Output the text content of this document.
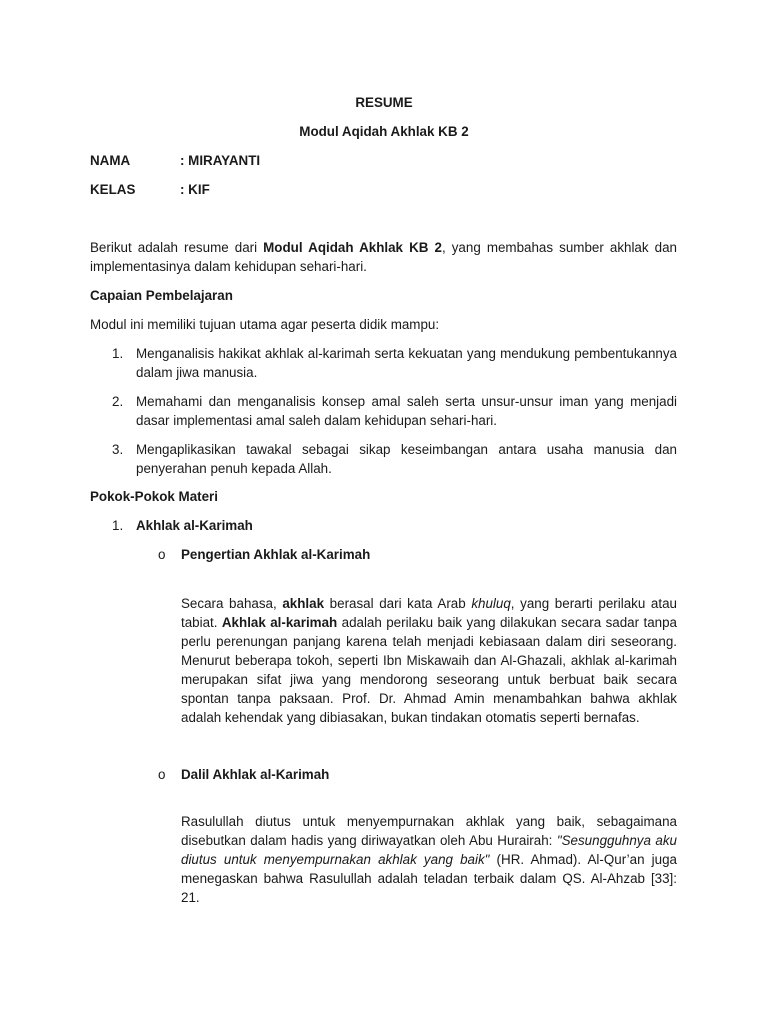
RESUME
Modul Aqidah Akhlak KB 2
NAMA	: MIRAYANTI
KELAS	: KIF
Berikut adalah resume dari Modul Aqidah Akhlak KB 2, yang membahas sumber akhlak dan implementasinya dalam kehidupan sehari-hari.
Capaian Pembelajaran
Modul ini memiliki tujuan utama agar peserta didik mampu:
1. Menganalisis hakikat akhlak al-karimah serta kekuatan yang mendukung pembentukannya dalam jiwa manusia.
2. Memahami dan menganalisis konsep amal saleh serta unsur-unsur iman yang menjadi dasar implementasi amal saleh dalam kehidupan sehari-hari.
3. Mengaplikasikan tawakal sebagai sikap keseimbangan antara usaha manusia dan penyerahan penuh kepada Allah.
Pokok-Pokok Materi
1. Akhlak al-Karimah
o Pengertian Akhlak al-Karimah
Secara bahasa, akhlak berasal dari kata Arab khuluq, yang berarti perilaku atau tabiat. Akhlak al-karimah adalah perilaku baik yang dilakukan secara sadar tanpa perlu perenungan panjang karena telah menjadi kebiasaan dalam diri seseorang. Menurut beberapa tokoh, seperti Ibn Miskawaih dan Al-Ghazali, akhlak al-karimah merupakan sifat jiwa yang mendorong seseorang untuk berbuat baik secara spontan tanpa paksaan. Prof. Dr. Ahmad Amin menambahkan bahwa akhlak adalah kehendak yang dibiasakan, bukan tindakan otomatis seperti bernafas.
o Dalil Akhlak al-Karimah
Rasulullah diutus untuk menyempurnakan akhlak yang baik, sebagaimana disebutkan dalam hadis yang diriwayatkan oleh Abu Hurairah: "Sesungguhnya aku diutus untuk menyempurnakan akhlak yang baik" (HR. Ahmad). Al-Qur’an juga menegaskan bahwa Rasulullah adalah teladan terbaik dalam QS. Al-Ahzab [33]: 21.
